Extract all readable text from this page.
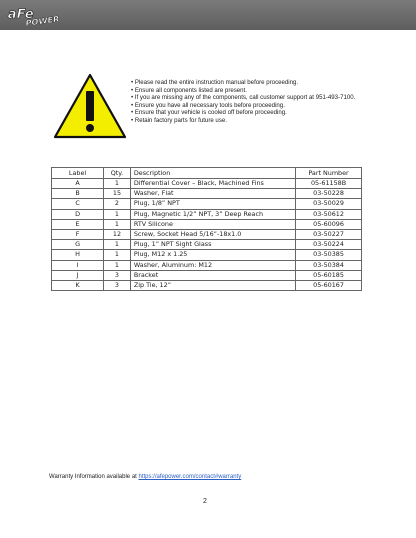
aFe
POWER
• Please read the entire instruction manual before proceeding.
• Ensure all components listed are present.
• If you are missing any of the components, call customer support at 951-493-7100.
• Ensure you have all necessary tools before proceeding.
• Ensure that your vehicle is cooled off before proceeding.
• Retain factory parts for future use.
Label	Qty.	Description	Part Number
A	1	Differential Cover – Black, Machined Fins	05-61158B
B	15	Washer, Flat	03-50228
C	2	Plug, 1/8” NPT	03-50029
D	1	Plug, Magnetic 1/2” NPT, 3” Deep Reach	03-50612
E	1	RTV Silicone	05-60096
F	12	Screw, Socket Head 5/16”-18x1.0	03-50227
G	1	Plug, 1” NPT Sight Glass	03-50224
H	1	Plug, M12 x 1.25	03-50385
I	1	Washer, Aluminum: M12	03-50384
J	3	Bracket	05-60185
K	3	Zip Tie, 12”	05-60167
Warranty Information available at https://afepower.com/contact#warranty
2
